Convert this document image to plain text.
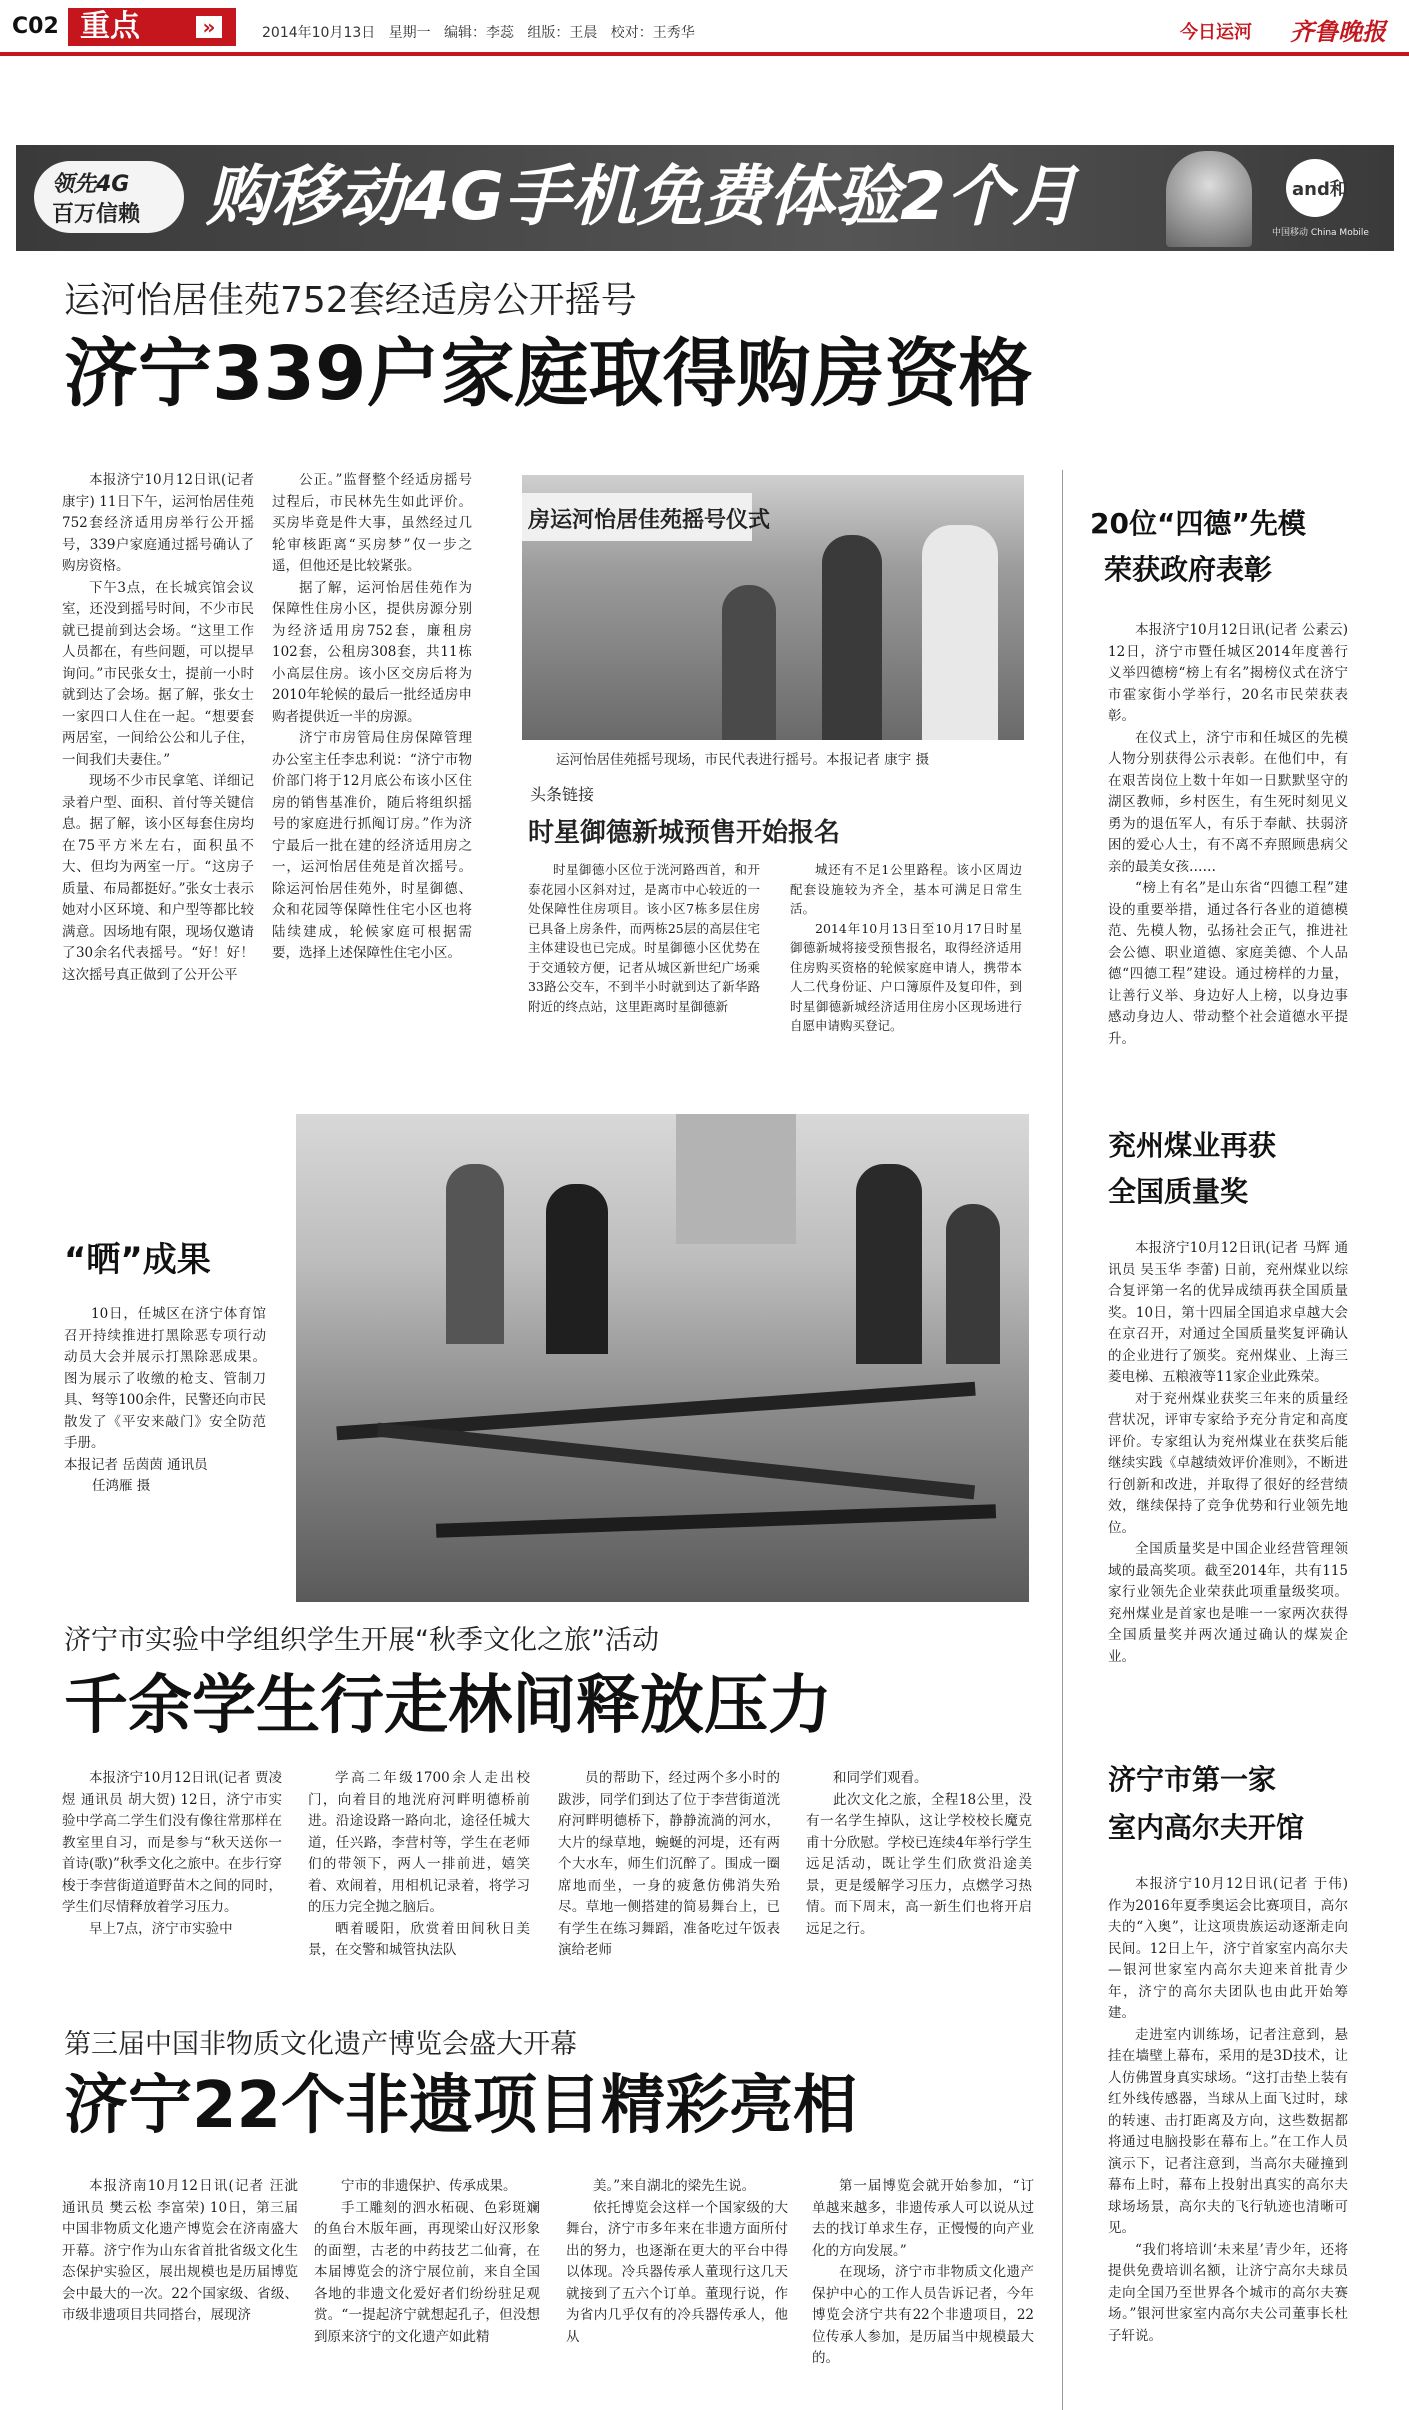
C02 重点	»	2014年10月13日 星期一 编辑：李蕊 组版：王晨 校对：王秀华	今日运河 齐鲁晚报
领先4G
百万信赖 购移动4G手机免费体验2个月	and和
中国移动 China Mobile
运河怡居佳苑752套经适房公开摇号
济宁339户家庭取得购房资格

本报济宁10月12日讯(记者 康宇) 11日下午，运河怡居佳苑752套经济适用房举行公开摇号，339户家庭通过摇号确认了购房资格。

下午3点，在长城宾馆会议室，还没到摇号时间，不少市民就已提前到达会场。“这里工作人员都在，有些问题，可以提早询问。”市民张女士，提前一小时就到达了会场。据了解，张女士一家四口人住在一起。“想要套两居室，一间给公公和儿子住，一间我们夫妻住。”

现场不少市民拿笔、详细记录着户型、面积、首付等关键信息。据了解，该小区每套住房均在75平方米左右，面积虽不大、但均为两室一厅。“这房子质量、布局都挺好。”张女士表示她对小区环境、和户型等都比较满意。因场地有限，现场仅邀请了30余名代表摇号。“好！好！这次摇号真正做到了公开公平

公正。”监督整个经适房摇号过程后，市民林先生如此评价。买房毕竟是件大事，虽然经过几轮审核距离“买房梦”仅一步之遥，但他还是比较紧张。

据了解，运河怡居佳苑作为保障性住房小区，提供房源分别为经济适用房752套，廉租房102套，公租房308套，共11栋小高层住房。该小区交房后将为2010年轮候的最后一批经适房申购者提供近一半的房源。

济宁市房管局住房保障管理办公室主任李忠利说：“济宁市物价部门将于12月底公布该小区住房的销售基准价，随后将组织摇号的家庭进行抓阄订房。”作为济宁最后一批在建的经济适用房之一，运河怡居佳苑是首次摇号。除运河怡居佳苑外，时星御德、众和花园等保障性住宅小区也将陆续建成，轮候家庭可根据需要，选择上述保障性住宅小区。

房运河怡居佳苑摇号仪式
运河怡居佳苑摇号现场，市民代表进行摇号。本报记者 康宇 摄
头条链接
时星御德新城预售开始报名

时星御德小区位于洸河路西首，和开泰花园小区斜对过，是离市中心较近的一处保障性住房项目。该小区7栋多层住房已具备上房条件，而两栋25层的高层住宅主体建设也已完成。时星御德小区优势在于交通较方便，记者从城区新世纪广场乘33路公交车，不到半小时就到达了新华路附近的终点站，这里距离时星御德新

城还有不足1公里路程。该小区周边配套设施较为齐全，基本可满足日常生活。

2014年10月13日至10月17日时星御德新城将接受预售报名，取得经济适用住房购买资格的轮候家庭申请人，携带本人二代身份证、户口簿原件及复印件，到时星御德新城经济适用住房小区现场进行自愿申请购买登记。

20位“四德”先模
荣获政府表彰

本报济宁10月12日讯(记者 公素云) 12日，济宁市暨任城区2014年度善行义举四德榜“榜上有名”揭榜仪式在济宁市霍家街小学举行，20名市民荣获表彰。

在仪式上，济宁市和任城区的先模人物分别获得公示表彰。在他们中，有在艰苦岗位上数十年如一日默默坚守的湖区教师，乡村医生，有生死时刻见义勇为的退伍军人，有乐于奉献、扶弱济困的爱心人士，有不离不弃照顾患病父亲的最美女孩……

“榜上有名”是山东省“四德工程”建设的重要举措，通过各行各业的道德模范、先模人物，弘扬社会正气，推进社会公德、职业道德、家庭美德、个人品德“四德工程”建设。通过榜样的力量，让善行义举、身边好人上榜，以身边事感动身边人、带动整个社会道德水平提升。

“晒”成果

10日，任城区在济宁体育馆召开持续推进打黑除恶专项行动动员大会并展示打黑除恶成果。图为展示了收缴的枪支、管制刀具、弩等100余件，民警还向市民散发了《平安来敲门》安全防范手册。

本报记者 岳茵茵 通讯员
任鸿雁 摄
兖州煤业再获
全国质量奖

本报济宁10月12日讯(记者 马辉 通讯员 吴玉华 李蕾) 日前，兖州煤业以综合复评第一名的优异成绩再获全国质量奖。10日，第十四届全国追求卓越大会在京召开，对通过全国质量奖复评确认的企业进行了颁奖。兖州煤业、上海三菱电梯、五粮液等11家企业此殊荣。

对于兖州煤业获奖三年来的质量经营状况，评审专家给予充分肯定和高度评价。专家组认为兖州煤业在获奖后能继续实践《卓越绩效评价准则》，不断进行创新和改进，并取得了很好的经营绩效，继续保持了竞争优势和行业领先地位。

全国质量奖是中国企业经营管理领域的最高奖项。截至2014年，共有115家行业领先企业荣获此项重量级奖项。兖州煤业是首家也是唯一一家两次获得全国质量奖并两次通过确认的煤炭企业。

济宁市实验中学组织学生开展“秋季文化之旅”活动
千余学生行走林间释放压力

本报济宁10月12日讯(记者 贾凌煜 通讯员 胡大贺) 12日，济宁市实验中学高二学生们没有像往常那样在教室里自习，而是参与“秋天送你一首诗(歌)”秋季文化之旅中。在步行穿梭于李营街道道野苗木之间的同时，学生们尽情释放着学习压力。

早上7点，济宁市实验中

学高二年级1700余人走出校门，向着目的地洸府河畔明德桥前进。沿途设路一路向北，途径任城大道，任兴路，李营村等，学生在老师们的带领下，两人一排前进，嬉笑着、欢闹着，用相机记录着，将学习的压力完全抛之脑后。

晒着暖阳，欣赏着田间秋日美景，在交警和城管执法队

员的帮助下，经过两个多小时的跋涉，同学们到达了位于李营街道洸府河畔明德桥下，静静流淌的河水，大片的绿草地，蜿蜒的河堤，还有两个大水车，师生们沉醉了。围成一圈席地而坐，一身的疲惫仿佛消失殆尽。草地一侧搭建的简易舞台上，已有学生在练习舞蹈，准备吃过午饭表演给老师

和同学们观看。

此次文化之旅，全程18公里，没有一名学生掉队，这让学校校长魔克甫十分欣慰。学校已连续4年举行学生远足活动，既让学生们欣赏沿途美景，更是缓解学习压力，点燃学习热情。而下周末，高一新生们也将开启远足之行。

济宁市第一家
室内高尔夫开馆

本报济宁10月12日讯(记者 于伟) 作为2016年夏季奥运会比赛项目，高尔夫的“入奥”，让这项贵族运动逐渐走向民间。12日上午，济宁首家室内高尔夫—银河世家室内高尔夫迎来首批青少年，济宁的高尔夫团队也由此开始筹建。

走进室内训练场，记者注意到，悬挂在墙壁上幕布，采用的是3D技术，让人仿佛置身真实球场。“这打击垫上装有红外线传感器，当球从上面飞过时，球的转速、击打距离及方向，这些数据都将通过电脑投影在幕布上。”在工作人员演示下，记者注意到，当高尔夫碰撞到幕布上时，幕布上投射出真实的高尔夫球场场景，高尔夫的飞行轨迹也清晰可见。

“我们将培训‘未来星’青少年，还将提供免费培训名额，让济宁高尔夫球员走向全国乃至世界各个城市的高尔夫赛场。”银河世家室内高尔夫公司董事长杜子轩说。

第三届中国非物质文化遗产博览会盛大开幕
济宁22个非遗项目精彩亮相

本报济南10月12日讯(记者 汪泚 通讯员 樊云松 李富荣) 10日，第三届中国非物质文化遗产博览会在济南盛大开幕。济宁作为山东省首批省级文化生态保护实验区，展出规模也是历届博览会中最大的一次。22个国家级、省级、市级非遗项目共同搭台，展现济

宁市的非遗保护、传承成果。

手工雕刻的泗水柘砚、色彩斑斓的鱼台木版年画，再现梁山好汉形象的面塑，古老的中药技艺二仙膏，在本届博览会的济宁展位前，来自全国各地的非遗文化爱好者们纷纷驻足观赏。“一提起济宁就想起孔子，但没想到原来济宁的文化遗产如此精

美。”来自湖北的梁先生说。

依托博览会这样一个国家级的大舞台，济宁市多年来在非遗方面所付出的努力，也逐渐在更大的平台中得以体现。冷兵器传承人董现行这几天就接到了五六个订单。董现行说，作为省内几乎仅有的冷兵器传承人，他从

第一届博览会就开始参加，“订单越来越多，非遗传承人可以说从过去的找订单求生存，正慢慢的向产业化的方向发展。”

在现场，济宁市非物质文化遗产保护中心的工作人员告诉记者，今年博览会济宁共有22个非遗项目，22位传承人参加，是历届当中规模最大的。
